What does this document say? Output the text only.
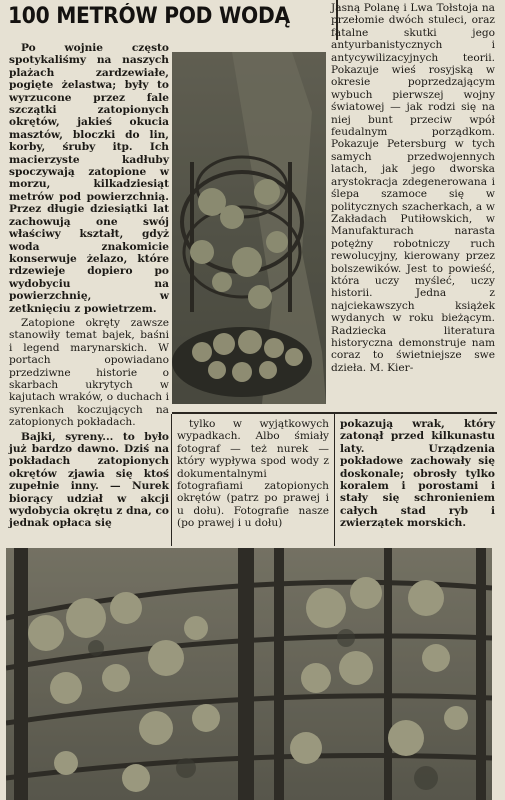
100 METRÓW POD WODĄ

Po wojnie często spotykaliśmy na naszych plażach zardzewiałe, pogięte żelastwa; były to wyrzucone przez fale szczątki zatopionych okrętów, jakieś okucia masztów, bloczki do lin, korby, śruby itp. Ich macierzyste kadłuby spoczywają zatopione w morzu, kilkadziesiąt metrów pod powierzchnią. Przez długie dziesiątki lat zachowują one swój właściwy kształt, gdyż woda znakomicie konserwuje żelazo, które rdzewieje dopiero po wydobyciu na powierzchnię, w zetknięciu z powietrzem.

Zatopione okręty zawsze stanowiły temat bajek, baśni i legend marynarskich. W portach opowiadano przedziwne historie o skarbach ukrytych w kajutach wraków, o duchach i syrenkach koczujących na zatopionych pokładach.

Bajki, syreny... to było już bardzo dawno. Dziś na pokładach zatopionych okrętów zjawia się ktoś zupełnie inny. — Nurek biorący udział w akcji wydobycia okrętu z dna, co jednak opłaca się

Jasną Polanę i Lwa Tołstoja na przełomie dwóch stuleci, oraz fatalne skutki jego antyurbanistycznych i antycywilizacyjnych teorii. Pokazuje wieś rosyjską w okresie poprzedzającym wybuch pierwszej wojny światowej — jak rodzi się na niej bunt przeciw wpół feudalnym porządkom. Pokazuje Petersburg w tych samych przedwojennych latach, jak jego dworska arystokracja zdegenerowana i ślepa szamoce się w politycznych szacherkach, a w Zakładach Putiłowskich, w Manufakturach narasta potężny robotniczy ruch rewolucyjny, kierowany przez bolszewików. Jest to powieść, która uczy myśleć, uczy historii. Jedna z najciekawszych książek wydanych w roku bieżącym. Radziecka literatura historyczna demonstruje nam coraz to świetniejsze swe dzieła. M. Kier-

tylko w wyjątkowych wypadkach. Albo śmiały fotograf — też nurek — który wypływa spod wody z dokumentalnymi fotografiami zatopionych okrętów (patrz po prawej i u dołu). Fotografie nasze (po prawej i u dołu)

pokazują wrak, który zatonął przed kilkunastu laty. Urządzenia pokładowe zachowały się doskonale; obrosły tylko koralem i porostami i stały się schronieniem całych stad ryb i zwierzątek morskich.
